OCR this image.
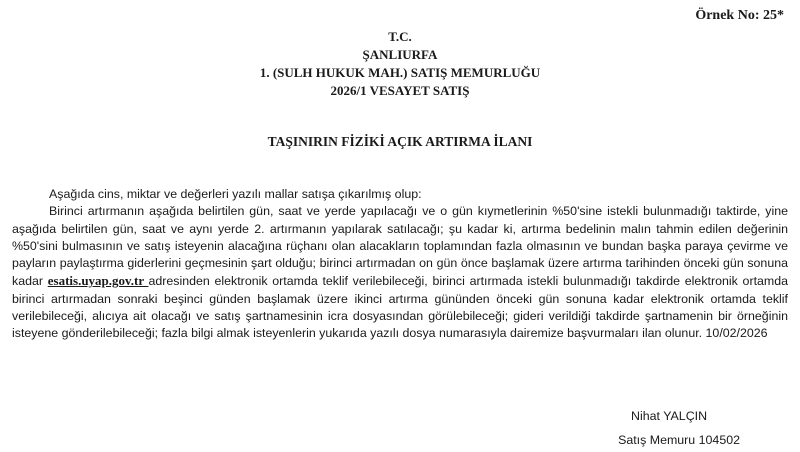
Örnek No: 25*
T.C.
ŞANLIURFA
1. (SULH HUKUK MAH.) SATIŞ MEMURLUĞU
2026/1 VESAYET SATIŞ
TAŞINIRIN FİZİKİ AÇIK ARTIRMA İLANI

Aşağıda cins, miktar ve değerleri yazılı mallar satışa çıkarılmış olup:

Birinci artırmanın aşağıda belirtilen gün, saat ve yerde yapılacağı ve o gün kıymetlerinin %50'sine istekli bulunmadığı taktirde, yine aşağıda belirtilen gün, saat ve aynı yerde 2. artırmanın yapılarak satılacağı; şu kadar ki, artırma bedelinin malın tahmin edilen değerinin %50'sini bulmasının ve satış isteyenin alacağına rüçhanı olan alacakların toplamından fazla olmasının ve bundan başka paraya çevirme ve payların paylaştırma giderlerini geçmesinin şart olduğu; birinci artırmadan on gün önce başlamak üzere artırma tarihinden önceki gün sonuna kadar esatis.uyap.gov.tr adresinden elektronik ortamda teklif verilebileceği, birinci artırmada istekli bulunmadığı takdirde elektronik ortamda birinci artırmadan sonraki beşinci günden başlamak üzere ikinci artırma gününden önceki gün sonuna kadar elektronik ortamda teklif verilebileceği, alıcıya ait olacağı ve satış şartnamesinin icra dosyasından görülebileceği; gideri verildiği takdirde şartnamenin bir örneğinin isteyene gönderilebileceği; fazla bilgi almak isteyenlerin yukarıda yazılı dosya numarasıyla dairemize başvurmaları ilan olunur. 10/02/2026

Nihat YALÇIN
Satış Memuru 104502
